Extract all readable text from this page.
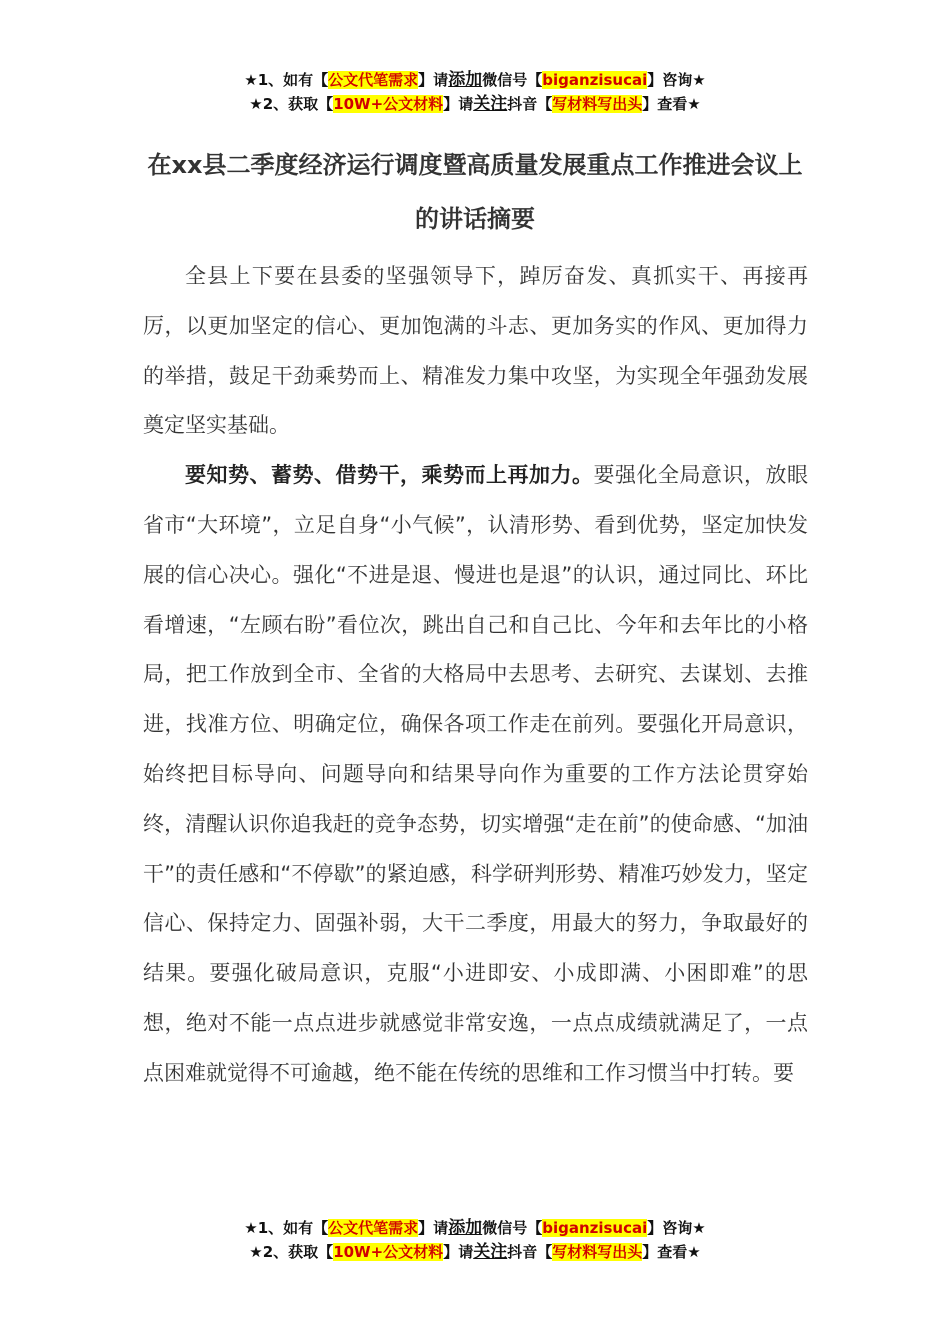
★1、如有【公文代笔需求】请添加微信号【biganzisucai】咨询★
★2、获取【10W+公文材料】请关注抖音【写材料写出头】查看★
在xx县二季度经济运行调度暨高质量发展重点工作推进会议上的讲话摘要

全县上下要在县委的坚强领导下，踔厉奋发、真抓实干、再接再厉，以更加坚定的信心、更加饱满的斗志、更加务实的作风、更加得力的举措，鼓足干劲乘势而上、精准发力集中攻坚，为实现全年强劲发展奠定坚实基础。

要知势、蓄势、借势干，乘势而上再加力。要强化全局意识，放眼省市“大环境”，立足自身“小气候”，认清形势、看到优势，坚定加快发展的信心决心。强化“不进是退、慢进也是退”的认识，通过同比、环比看增速，“左顾右盼”看位次，跳出自己和自己比、今年和去年比的小格局，把工作放到全市、全省的大格局中去思考、去研究、去谋划、去推进，找准方位、明确定位，确保各项工作走在前列。要强化开局意识，始终把目标导向、问题导向和结果导向作为重要的工作方法论贯穿始终，清醒认识你追我赶的竞争态势，切实增强“走在前”的使命感、“加油干”的责任感和“不停歇”的紧迫感，科学研判形势、精准巧妙发力，坚定信心、保持定力、固强补弱，大干二季度，用最大的努力，争取最好的结果。要强化破局意识，克服“小进即安、小成即满、小困即难”的思想，绝对不能一点点进步就感觉非常安逸，一点点成绩就满足了，一点点困难就觉得不可逾越，绝不能在传统的思维和工作习惯当中打转。要

★1、如有【公文代笔需求】请添加微信号【biganzisucai】咨询★
★2、获取【10W+公文材料】请关注抖音【写材料写出头】查看★
